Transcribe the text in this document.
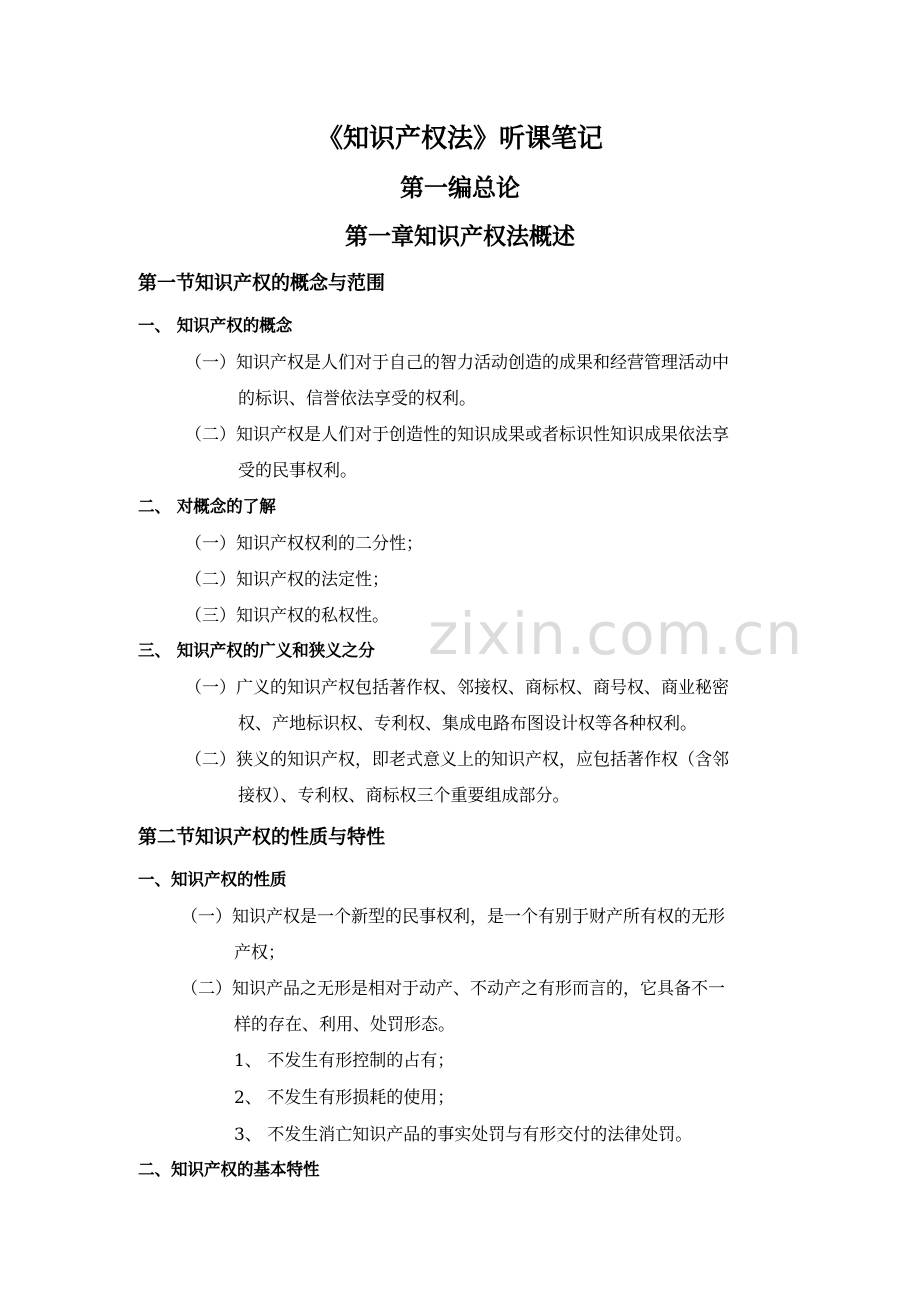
《知识产权法》听课笔记
第一编总论
第一章知识产权法概述
第一节知识产权的概念与范围
一、 知识产权的概念
（一）知识产权是人们对于自己的智力活动创造的成果和经营管理活动中
的标识、信誉依法享受的权利。
（二）知识产权是人们对于创造性的知识成果或者标识性知识成果依法享
受的民事权利。
二、 对概念的了解
（一）知识产权权利的二分性；
（二）知识产权的法定性；
（三）知识产权的私权性。
三、 知识产权的广义和狭义之分
（一）广义的知识产权包括著作权、邻接权、商标权、商号权、商业秘密
权、产地标识权、专利权、集成电路布图设计权等各种权利。
（二）狭义的知识产权，即老式意义上的知识产权，应包括著作权（含邻
接权）、专利权、商标权三个重要组成部分。
第二节知识产权的性质与特性
一、知识产权的性质
（一）知识产权是一个新型的民事权利，是一个有别于财产所有权的无形
产权；
（二）知识产品之无形是相对于动产、不动产之有形而言的，它具备不一
样的存在、利用、处罚形态。
1、 不发生有形控制的占有；
2、 不发生有形损耗的使用；
3、 不发生消亡知识产品的事实处罚与有形交付的法律处罚。
二、知识产权的基本特性
zixin.com.cn
